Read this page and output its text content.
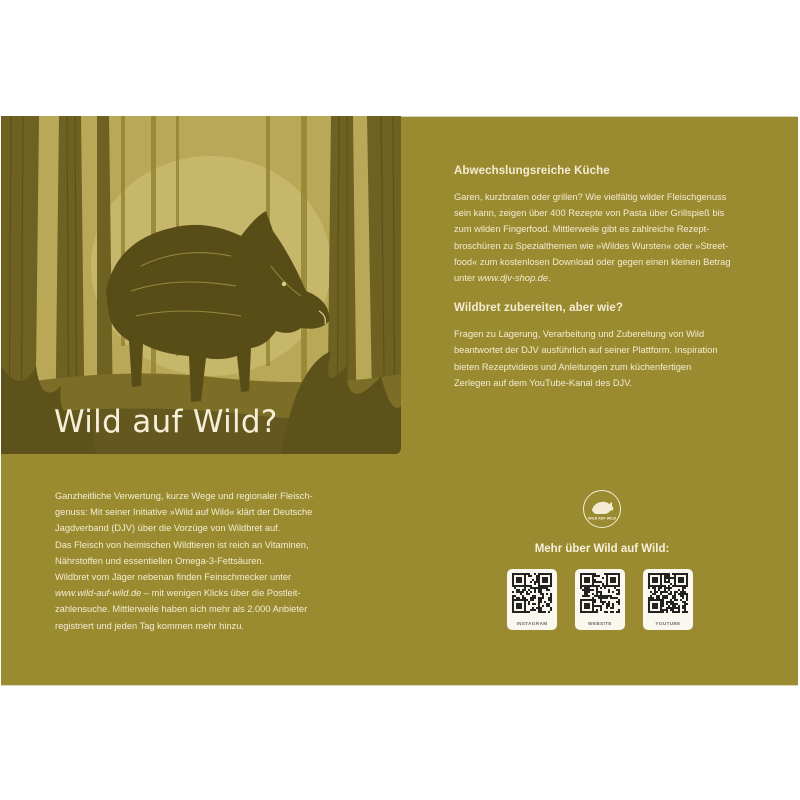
Wild auf Wild?
Abwechslungsreiche Küche

Garen, kurzbraten oder grillen? Wie vielfältig wilder Fleischgenuss
sein kann, zeigen über 400 Rezepte von Pasta über Grillspieß bis
zum wilden Fingerfood. Mittlerweile gibt es zahlreiche Rezept-
broschüren zu Spezialthemen wie »Wildes Wursten« oder »Street-
food« zum kostenlosen Download oder gegen einen kleinen Betrag
unter www.djv-shop.de.

Wildbret zubereiten, aber wie?

Fragen zu Lagerung, Verarbeitung und Zubereitung von Wild
beantwortet der DJV ausführlich auf seiner Plattform. Inspiration
bieten Rezeptvideos und Anleitungen zum küchenfertigen
Zerlegen auf dem YouTube-Kanal des DJV.

Ganzheitliche Verwertung, kurze Wege und regionaler Fleisch-
genuss: Mit seiner Initiative »Wild auf Wild« klärt der Deutsche
Jagdverband (DJV) über die Vorzüge von Wildbret auf.
Das Fleisch von heimischen Wildtieren ist reich an Vitaminen,
Nährstoffen und essentiellen Omega-3-Fettsäuren.
Wildbret vom Jäger nebenan finden Feinschmecker unter
www.wild-auf-wild.de – mit wenigen Klicks über die Postleit-
zahlensuche. Mittlerweile haben sich mehr als 2.000 Anbieter
registriert und jeden Tag kommen mehr hinzu.

WILD AUF WILD
Mehr über Wild auf Wild:
INSTAGRAM	WEBSITE	YOUTUBE
